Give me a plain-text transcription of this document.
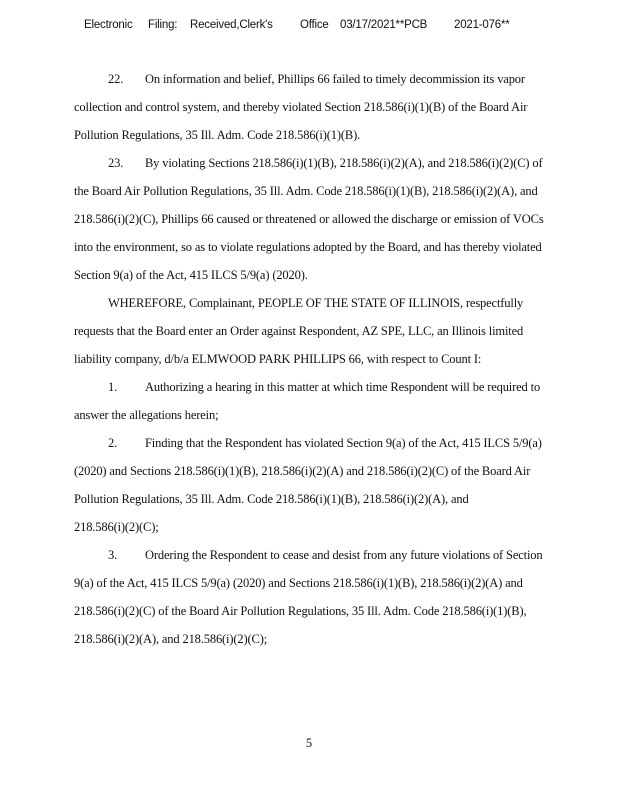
Electronic Filing: Received,Clerk's Office 03/17/2021**PCB 2021-076**
22. On information and belief, Phillips 66 failed to timely decommission its vapor
collection and control system, and thereby violated Section 218.586(i)(1)(B) of the Board Air
Pollution Regulations, 35 Ill. Adm. Code 218.586(i)(1)(B).
23. By violating Sections 218.586(i)(1)(B), 218.586(i)(2)(A), and 218.586(i)(2)(C) of
the Board Air Pollution Regulations, 35 Ill. Adm. Code 218.586(i)(1)(B), 218.586(i)(2)(A), and
218.586(i)(2)(C), Phillips 66 caused or threatened or allowed the discharge or emission of VOCs
into the environment, so as to violate regulations adopted by the Board, and has thereby violated
Section 9(a) of the Act, 415 ILCS 5/9(a) (2020).
WHEREFORE, Complainant, PEOPLE OF THE STATE OF ILLINOIS, respectfully
requests that the Board enter an Order against Respondent, AZ SPE, LLC, an Illinois limited
liability company, d/b/a ELMWOOD PARK PHILLIPS 66, with respect to Count I:
1. Authorizing a hearing in this matter at which time Respondent will be required to
answer the allegations herein;
2. Finding that the Respondent has violated Section 9(a) of the Act, 415 ILCS 5/9(a)
(2020) and Sections 218.586(i)(1)(B), 218.586(i)(2)(A) and 218.586(i)(2)(C) of the Board Air
Pollution Regulations, 35 Ill. Adm. Code 218.586(i)(1)(B), 218.586(i)(2)(A), and
218.586(i)(2)(C);
3. Ordering the Respondent to cease and desist from any future violations of Section
9(a) of the Act, 415 ILCS 5/9(a) (2020) and Sections 218.586(i)(1)(B), 218.586(i)(2)(A) and
218.586(i)(2)(C) of the Board Air Pollution Regulations, 35 Ill. Adm. Code 218.586(i)(1)(B),
218.586(i)(2)(A), and 218.586(i)(2)(C);
5
